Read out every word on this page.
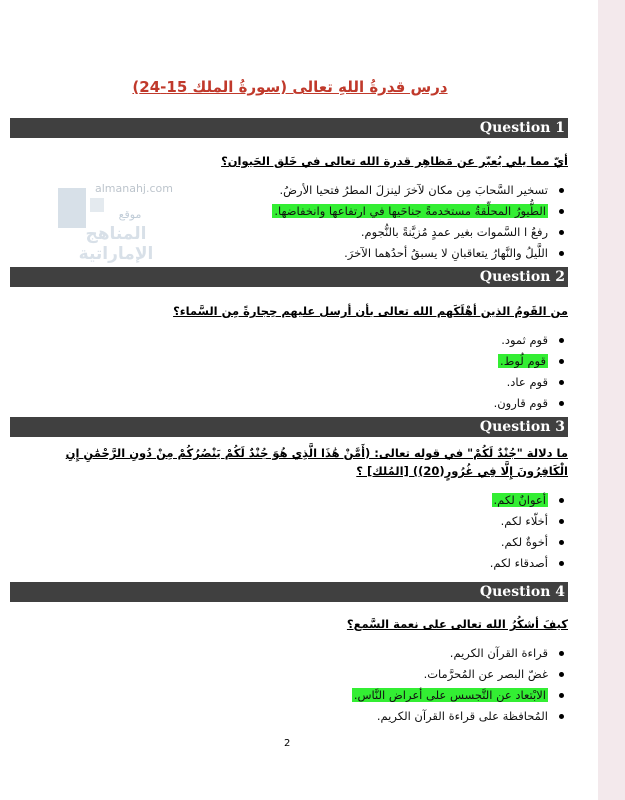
درس قدرةُ اللهِ تعالى (سورةُ الملك 15-24)
almanahj.com
موقع
المناهج الإماراتية
Question 1
أيّ مما يلي يُعبّر عن مَظاهِر قدرة الله تعالى في خَلق الحَيوان؟
تسخير السَّحابَ مِن مكان لآخرَ لينزلَ المطرُ فتحيا الأرضُ.
الطُّيورُ المحلِّقةُ مستخدمةً جناحَيها في ارتفاعها وانخفاضها.
رفعُ ا السَّموات بغير عمدٍ مُزيَّنةً بالنُّجوم.
اللَّيلُ والنَّهارُ يتعاقبانِ لا يسبقُ أحدُهما الآخرَ.
Question 2
من القَومُ الذين أهْلَكَهم الله تعالى بأن أرسل عليهم حِجارةً مِن السَّماء؟
قوم ثمود.
قوم لُوط.
قوم عاد.
قوم قارون.
Question 3
ما دلالة "جُنْدٌ لَكُمْ" في قوله تعالى: (أَمَّنْ هَٰذَا الَّذِي هُوَ جُنْدٌ لَكُمْ يَنْصُرُكُمْ مِنْ دُونِ الرَّحْمَٰنِ إِنِ الْكَافِرُونَ إِلَّا فِي غُرُورٍ(20)) [المُلك] ؟
أعوانٌ لكم.
أخلّاء لكم.
أخوةٌ لكم.
أصدقاء لكم.
Question 4
كيفَ أشكُرُ الله تعالى على نعمة السَّمع؟
قراءة القرآن الكريم.
غضّ البصر عن المُحرَّمات.
الابْتعاد عن التَّجسس على أعراض النَّاس.
المُحافظة على قراءة القرآن الكريم.
2
